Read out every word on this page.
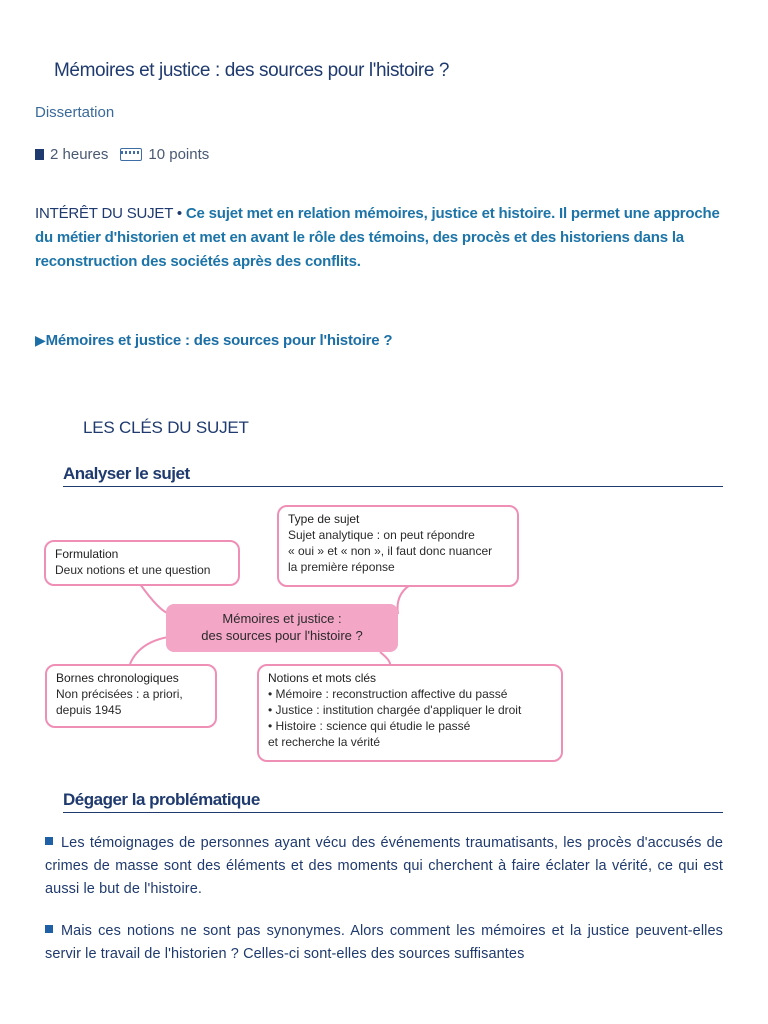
Mémoires et justice : des sources pour l'histoire ?
Dissertation
2 heures	10 points
INTÉRÊT DU SUJET • Ce sujet met en relation mémoires, justice et histoire. Il permet une approche du métier d'historien et met en avant le rôle des témoins, des procès et des historiens dans la reconstruction des sociétés après des conflits.
▶Mémoires et justice : des sources pour l'histoire ?
LES CLÉS DU SUJET
Analyser le sujet
Type de sujet
Sujet analytique : on peut répondre
« oui » et « non », il faut donc nuancer
la première réponse
Formulation
Deux notions et une question
Mémoires et justice :
des sources pour l'histoire ?
Bornes chronologiques
Non précisées : a priori,
depuis 1945
Notions et mots clés
• Mémoire : reconstruction affective du passé
• Justice : institution chargée d'appliquer le droit
• Histoire : science qui étudie le passé
et recherche la vérité
Dégager la problématique
Les témoignages de personnes ayant vécu des événements traumatisants, les procès d'accusés de crimes de masse sont des éléments et des moments qui cherchent à faire éclater la vérité, ce qui est aussi le but de l'histoire.
Mais ces notions ne sont pas synonymes. Alors comment les mémoires et la justice peuvent-elles servir le travail de l'historien ? Celles-ci sont-elles des sources suffisantes
